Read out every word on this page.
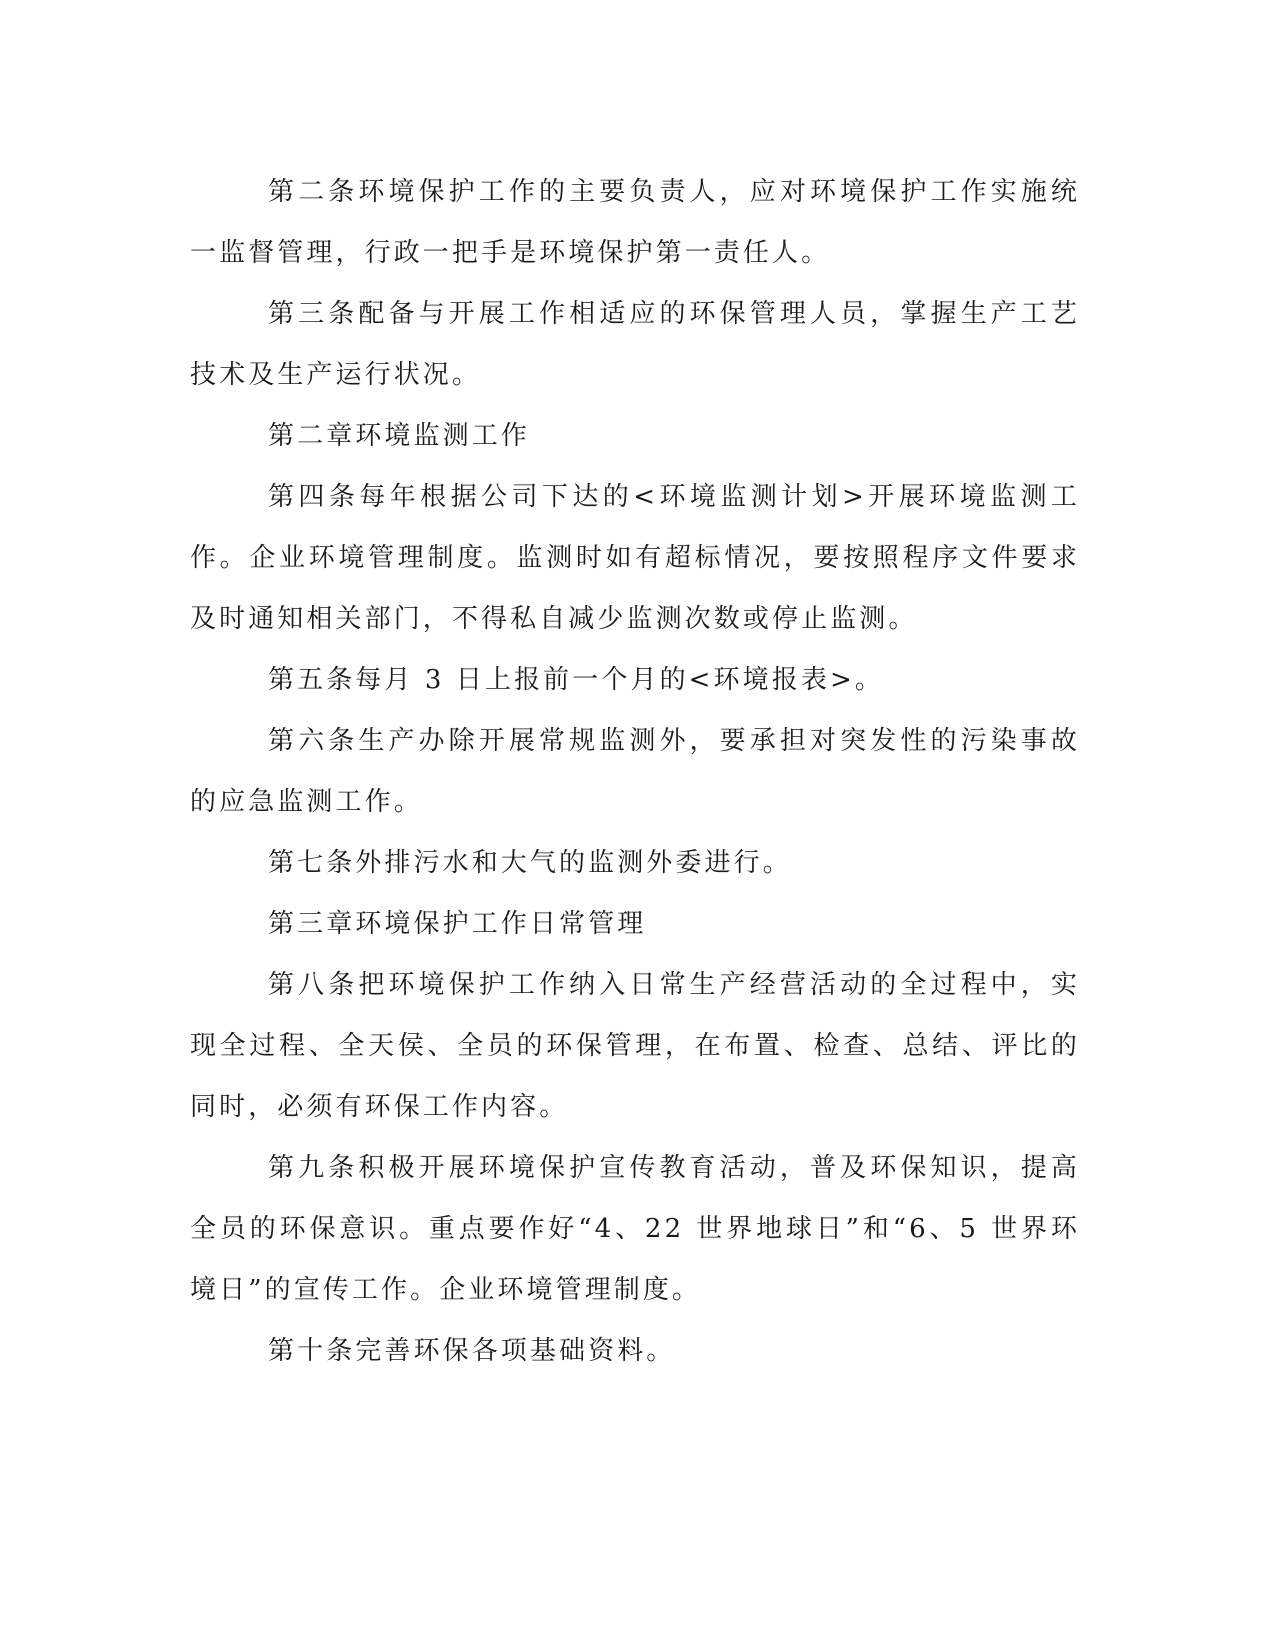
第二条环境保护工作的主要负责人，应对环境保护工作实施统一监督管理，行政一把手是环境保护第一责任人。

第三条配备与开展工作相适应的环保管理人员，掌握生产工艺技术及生产运行状况。

第二章环境监测工作

第四条每年根据公司下达的<环境监测计划>开展环境监测工作。企业环境管理制度。监测时如有超标情况，要按照程序文件要求及时通知相关部门，不得私自减少监测次数或停止监测。

第五条每月 3 日上报前一个月的<环境报表>。

第六条生产办除开展常规监测外，要承担对突发性的污染事故的应急监测工作。

第七条外排污水和大气的监测外委进行。

第三章环境保护工作日常管理

第八条把环境保护工作纳入日常生产经营活动的全过程中，实现全过程、全天侯、全员的环保管理，在布置、检查、总结、评比的同时，必须有环保工作内容。

第九条积极开展环境保护宣传教育活动，普及环保知识，提高全员的环保意识。重点要作好“4、22 世界地球日”和“6、5 世界环境日”的宣传工作。企业环境管理制度。

第十条完善环保各项基础资料。
